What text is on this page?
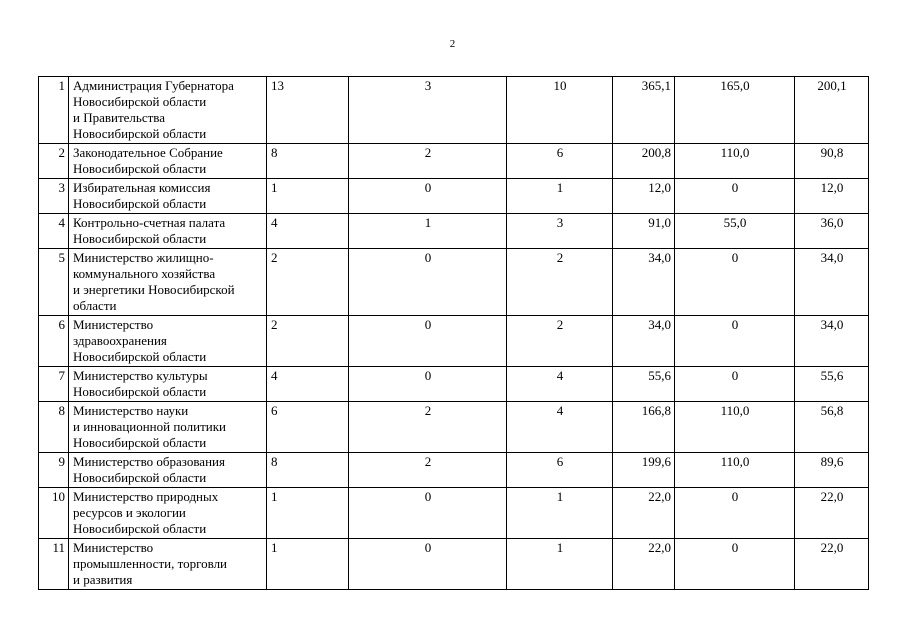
2
1	Администрация Губернатора
Новосибирской области
и Правительства
Новосибирской области	13	3	10	365,1	165,0	200,1
2	Законодательное Собрание
Новосибирской области	8	2	6	200,8	110,0	90,8
3	Избирательная комиссия
Новосибирской области	1	0	1	12,0	0	12,0
4	Контрольно-счетная палата
Новосибирской области	4	1	3	91,0	55,0	36,0
5	Министерство жилищно-
коммунального хозяйства
и энергетики Новосибирской
области	2	0	2	34,0	0	34,0
6	Министерство
здравоохранения
Новосибирской области	2	0	2	34,0	0	34,0
7	Министерство культуры
Новосибирской области	4	0	4	55,6	0	55,6
8	Министерство науки
и инновационной политики
Новосибирской области	6	2	4	166,8	110,0	56,8
9	Министерство образования
Новосибирской области	8	2	6	199,6	110,0	89,6
10	Министерство природных
ресурсов и экологии
Новосибирской области	1	0	1	22,0	0	22,0
11	Министерство
промышленности, торговли
и развития	1	0	1	22,0	0	22,0
